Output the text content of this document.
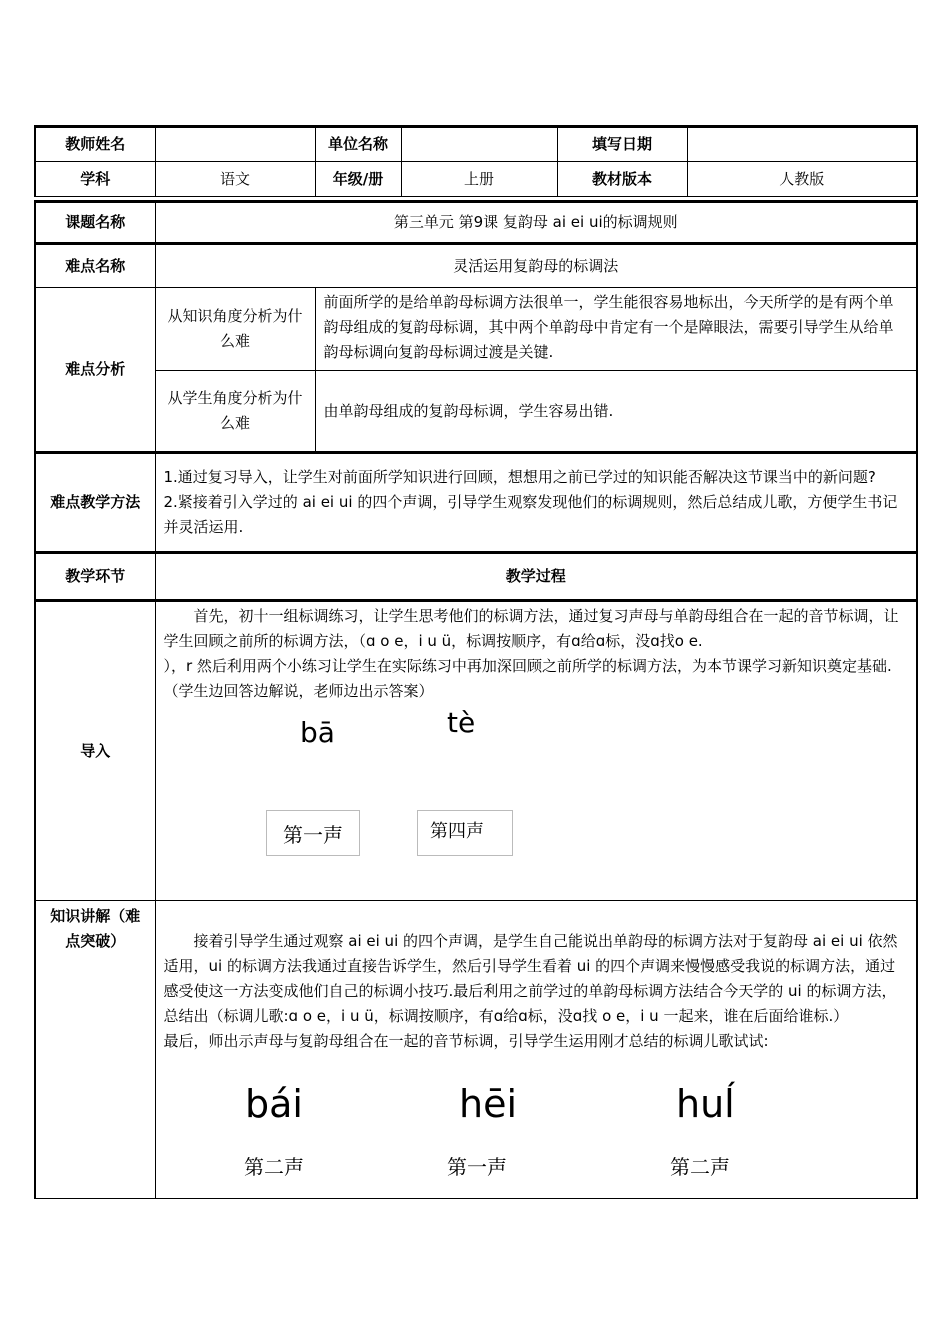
教师姓名		单位名称		填写日期	
学科	语文	年级/册	上册	教材版本	人教版

课题名称	第三单元 第9课 复韵母 ai ei ui的标调规则				
难点名称	灵活运用复韵母的标调法				
难点分析	从知识角度分析为什么难	前面所学的是给单韵母标调方法很单一，学生能很容易地标出，今天所学的是有两个单韵母组成的复韵母标调，其中两个单韵母中肯定有一个是障眼法，需要引导学生从给单韵母标调向复韵母标调过渡是关键.			
	从学生角度分析为什么难	由单韵母组成的复韵母标调，学生容易出错.			
难点教学方法	1.通过复习导入，让学生对前面所学知识进行回顾，想想用之前已学过的知识能否解决这节课当中的新问题?
2.紧接着引入学过的 ai ei ui 的四个声调，引导学生观察发现他们的标调规则，然后总结成儿歌，方便学生书记并灵活运用.				

教学环节	教学过程				
导入	首先，初十一组标调练习，让学生思考他们的标调方法，通过复习声母与单韵母组合在一起的音节标调，让学生回顾之前所的标调方法，（ɑ o e，i u ü，标调按顺序，有ɑ给ɑ标，没ɑ找o e.
），r 然后利用两个小练习让学生在实际练习中再加深回顾之前所学的标调方法，为本节课学习新知识奠定基础. （学生边回答边解说，老师边出示答案）				

知识讲解（难点突破）	接着引导学生通过观察 ai ei ui 的四个声调，是学生自己能说出单韵母的标调方法对于复韵母 ai ei ui 依然适用，ui 的标调方法我通过直接告诉学生，然后引导学生看着 ui 的四个声调来慢慢感受我说的标调方法，通过感受使这一方法变成他们自己的标调小技巧.最后利用之前学过的单韵母标调方法结合今天学的 ui 的标调方法，总结出（标调儿歌:ɑ o e，i u ü，标调按顺序，有ɑ给ɑ标，没ɑ找 o e，i u 一起来，谁在后面给谁标.）
最后，师出示声母与复韵母组合在一起的音节标调，引导学生运用刚才总结的标调儿歌试试:				
bā	tè
第一声	第四声
bái	hēi	huĺ
第二声	第一声	第二声
